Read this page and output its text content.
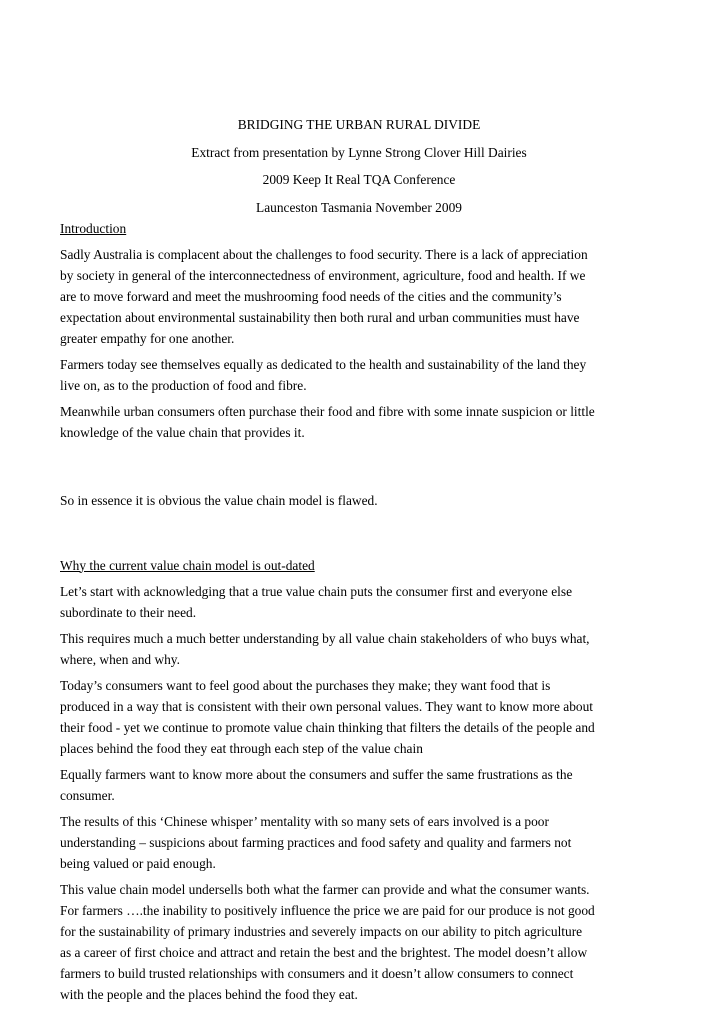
BRIDGING THE URBAN RURAL DIVIDE
Extract from presentation by Lynne Strong Clover Hill Dairies
2009 Keep It Real TQA Conference
Launceston Tasmania November 2009
Introduction

Sadly Australia is complacent about the challenges to food security. There is a lack of appreciation
by society in general of the interconnectedness of environment, agriculture, food and health. If we
are to move forward and meet the mushrooming food needs of the cities and the community’s
expectation about environmental sustainability then both rural and urban communities must have
greater empathy for one another.

Farmers today see themselves equally as dedicated to the health and sustainability of the land they
live on, as to the production of food and fibre.

Meanwhile urban consumers often purchase their food and fibre with some innate suspicion or little
knowledge of the value chain that provides it.

So in essence it is obvious the value chain model is flawed.

Why the current value chain model is out-dated

Let’s start with acknowledging that a true value chain puts the consumer first and everyone else
subordinate to their need.

This requires much a much better understanding by all value chain stakeholders of who buys what,
where, when and why.

Today’s consumers want to feel good about the purchases they make; they want food that is
produced in a way that is consistent with their own personal values. They want to know more about
their food - yet we continue to promote value chain thinking that filters the details of the people and
places behind the food they eat through each step of the value chain

Equally farmers want to know more about the consumers and suffer the same frustrations as the
consumer.

The results of this ‘Chinese whisper’ mentality with so many sets of ears involved is a poor
understanding – suspicions about farming practices and food safety and quality and farmers not
being valued or paid enough.

This value chain model undersells both what the farmer can provide and what the consumer wants.
For farmers ….the inability to positively influence the price we are paid for our produce is not good
for the sustainability of primary industries and severely impacts on our ability to pitch agriculture
as a career of first choice and attract and retain the best and the brightest. The model doesn’t allow
farmers to build trusted relationships with consumers and it doesn’t allow consumers to connect
with the people and the places behind the food they eat.
